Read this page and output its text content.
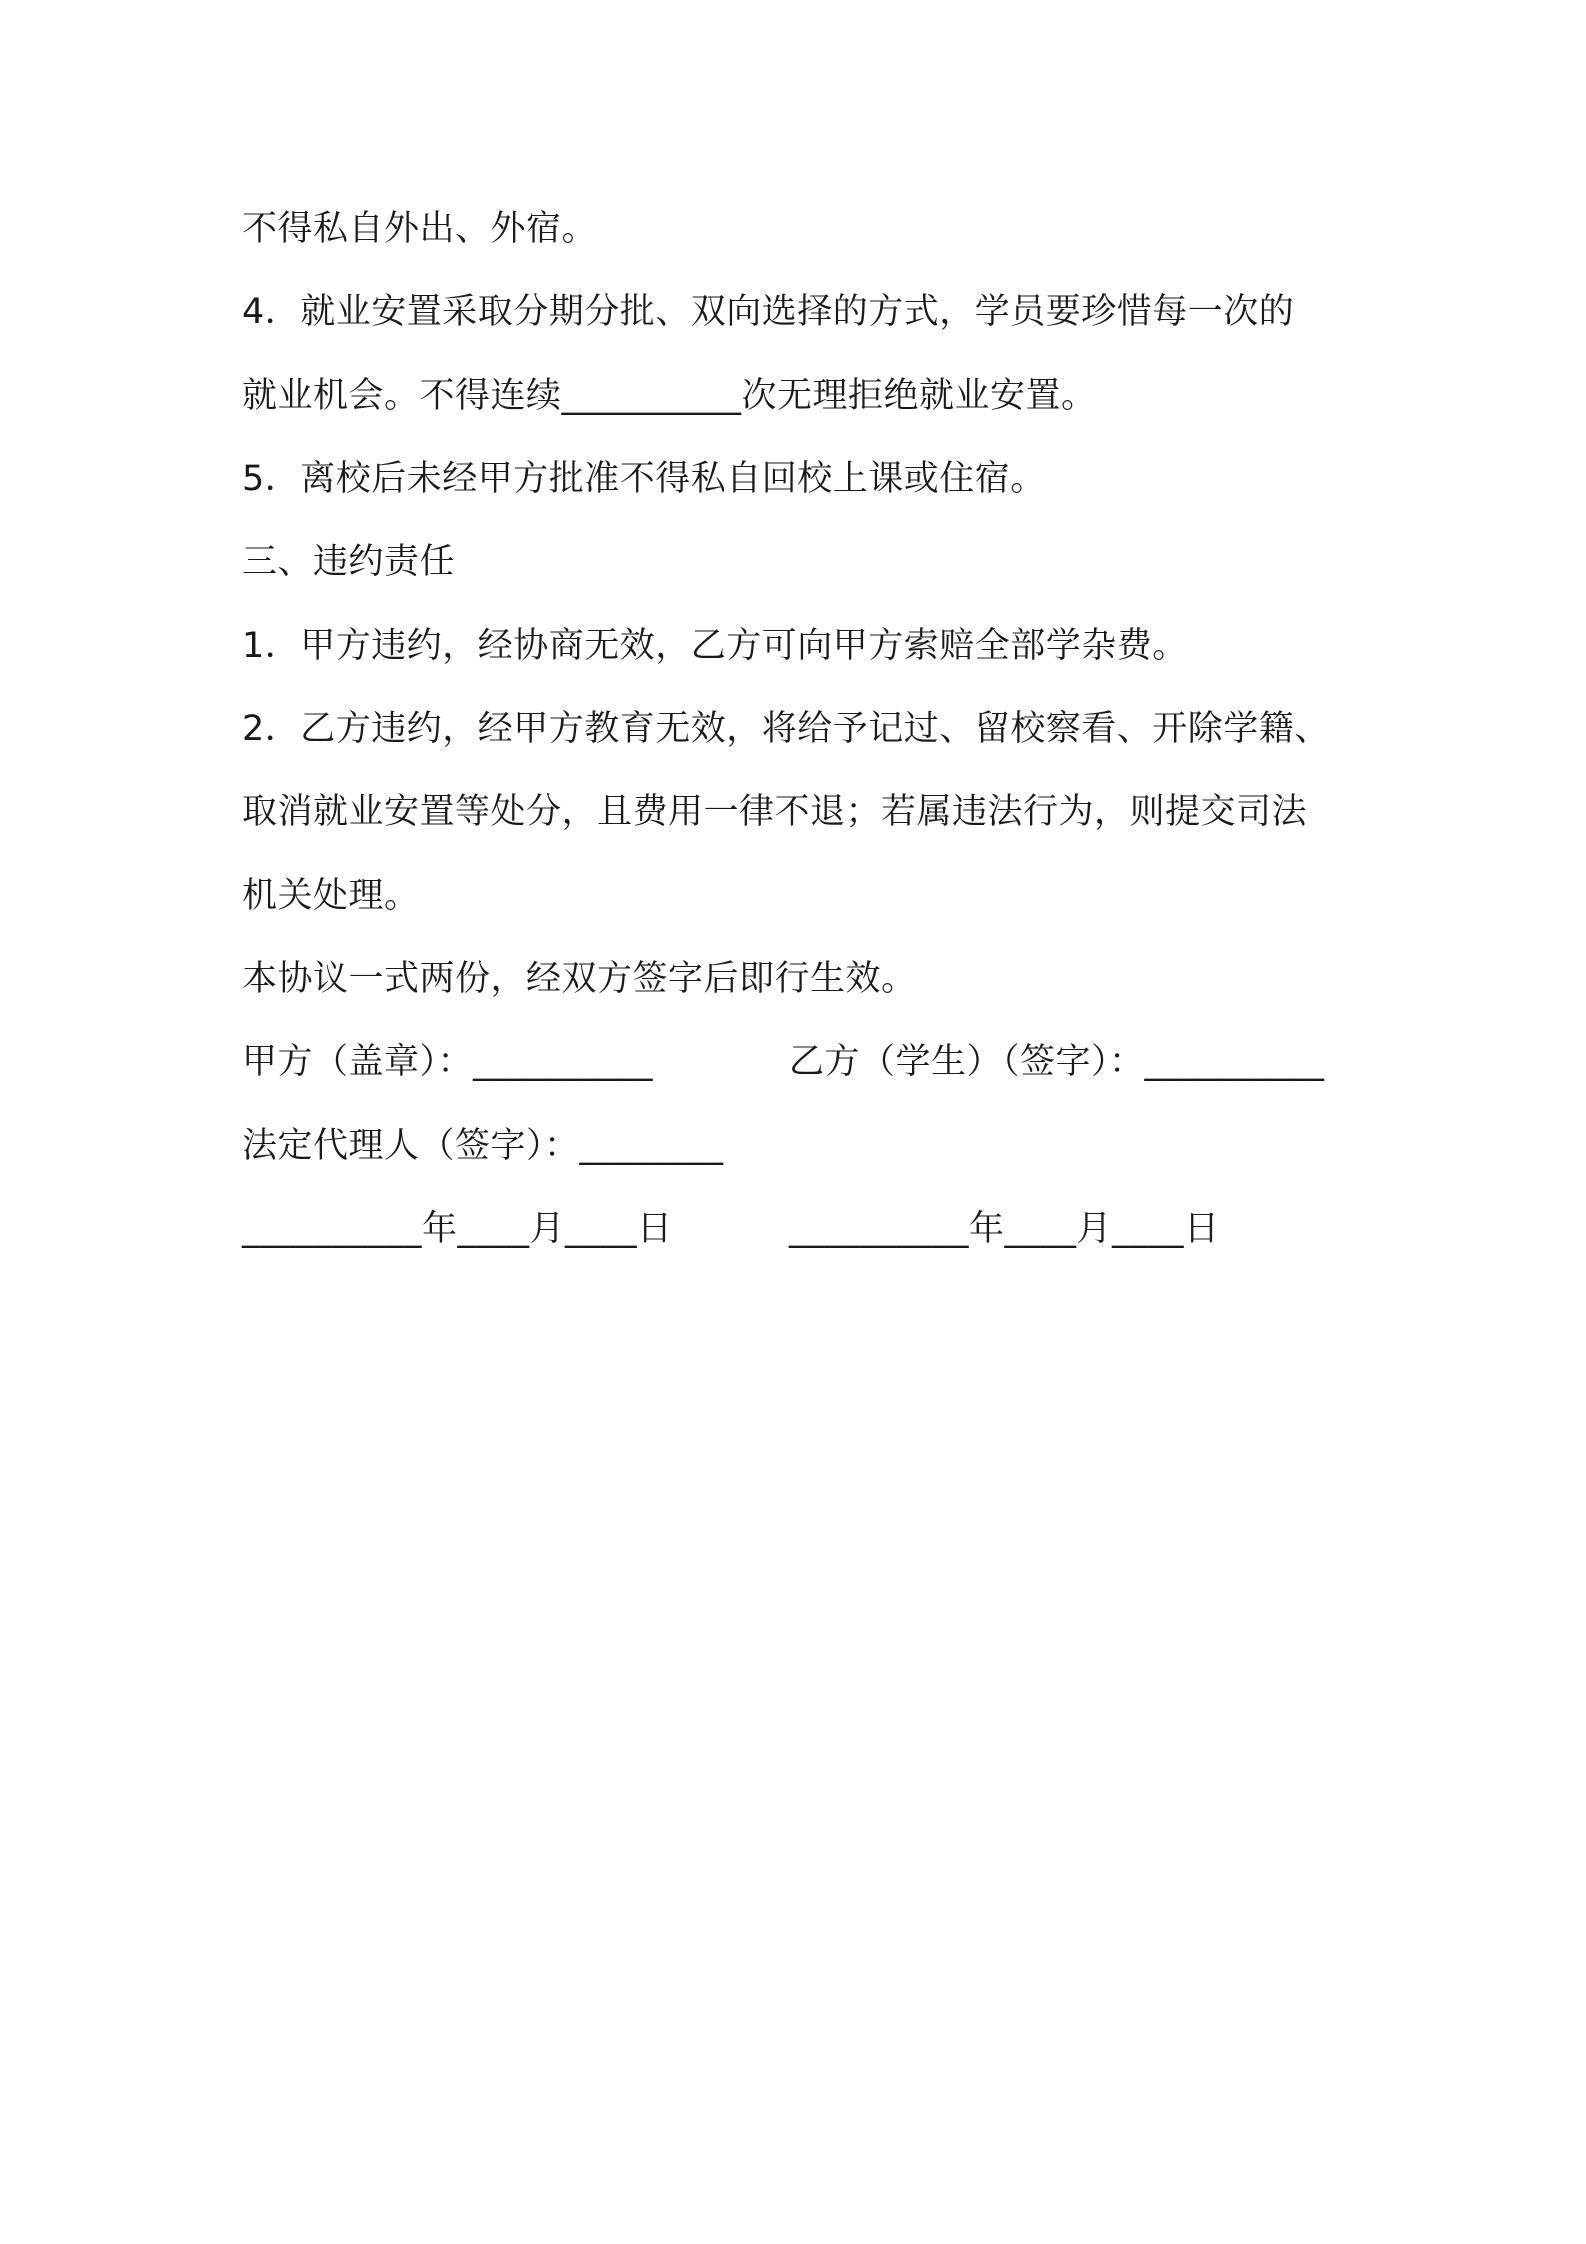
不得私自外出、外宿。
4．就业安置采取分期分批、双向选择的方式，学员要珍惜每一次的
就业机会。不得连续__________次无理拒绝就业安置。
5．离校后未经甲方批准不得私自回校上课或住宿。
三、违约责任
1．甲方违约，经协商无效，乙方可向甲方索赔全部学杂费。
2．乙方违约，经甲方教育无效，将给予记过、留校察看、开除学籍、
取消就业安置等处分，且费用一律不退；若属违法行为，则提交司法
机关处理。
本协议一式两份，经双方签字后即行生效。
甲方（盖章）：__________	乙方（学生）（签字）：__________
法定代理人（签字）：________
__________年____月____日	__________年____月____日
